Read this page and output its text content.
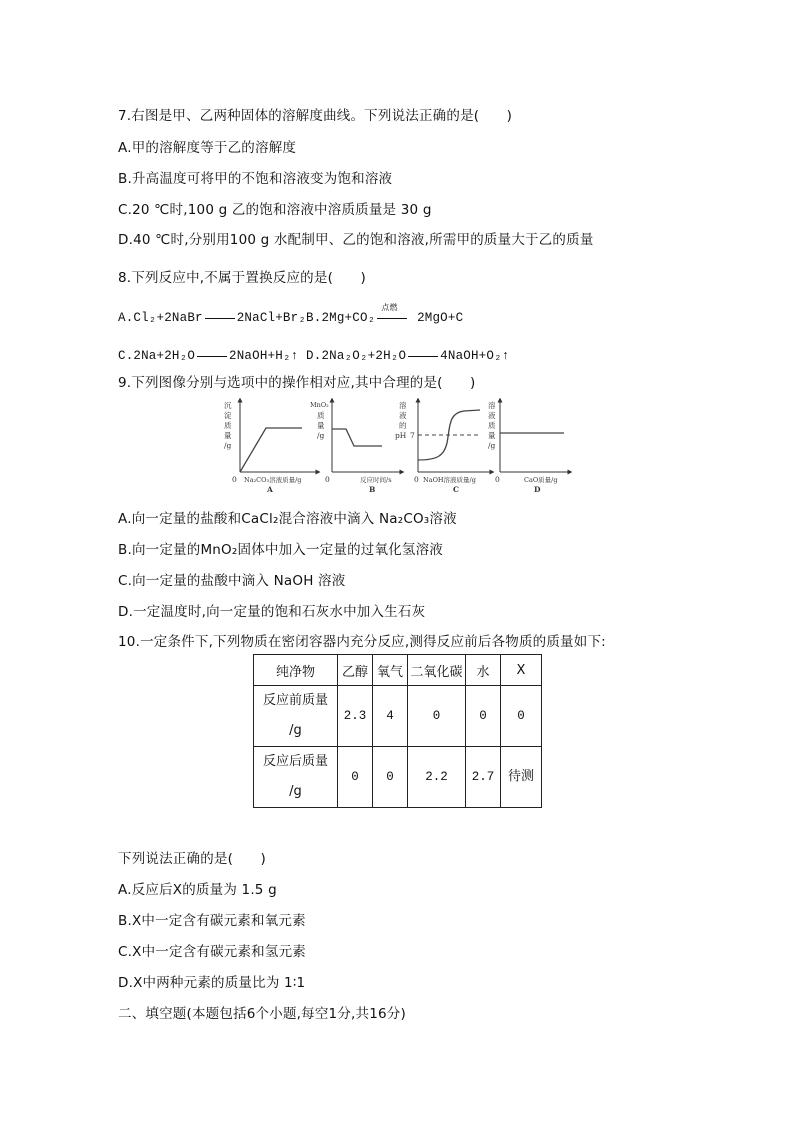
7.右图是甲、乙两种固体的溶解度曲线。下列说法正确的是(　　)
A.甲的溶解度等于乙的溶解度
B.升高温度可将甲的不饱和溶液变为饱和溶液
C.20 ℃时,100 g 乙的饱和溶液中溶质质量是 30 g
D.40 ℃时,分别用100 g 水配制甲、乙的饱和溶液,所需甲的质量大于乙的质量
8.下列反应中,不属于置换反应的是(　　)
A.Cl₂+2NaBr	2NaCl+Br₂B.2Mg+CO₂
点燃
2MgO+C
C.2Na+2H₂O	2NaOH+H₂↑ D.2Na₂O₂+2H₂O	4NaOH+O₂↑
9.下列图像分别与选项中的操作相对应,其中合理的是(　　)
沉
淀
质
量
/g
0 Na₂CO₃溶液质量/g
A
MnO₂
质
量
/g
0	反应时间/s
B
溶
液
的
pH 7
0 NaOH溶液质量/g
C
溶
液
质
量
/g
0	CaO质量/g
D
A.向一定量的盐酸和CaCl₂混合溶液中滴入 Na₂CO₃溶液
B.向一定量的MnO₂固体中加入一定量的过氧化氢溶液
C.向一定量的盐酸中滴入 NaOH 溶液
D.一定温度时,向一定量的饱和石灰水中加入生石灰
10.一定条件下,下列物质在密闭容器内充分反应,测得反应前后各物质的质量如下:
纯净物	乙醇	氧气	二氧化碳	水	X

反应前质量
/g	2.3	4	0	0	0

反应后质量
/g	0	0	2.2	2.7	待测
下列说法正确的是(　　)
A.反应后X的质量为 1.5 g
B.X中一定含有碳元素和氧元素
C.X中一定含有碳元素和氢元素
D.X中两种元素的质量比为 1∶1
二、填空题(本题包括6个小题,每空1分,共16分)
